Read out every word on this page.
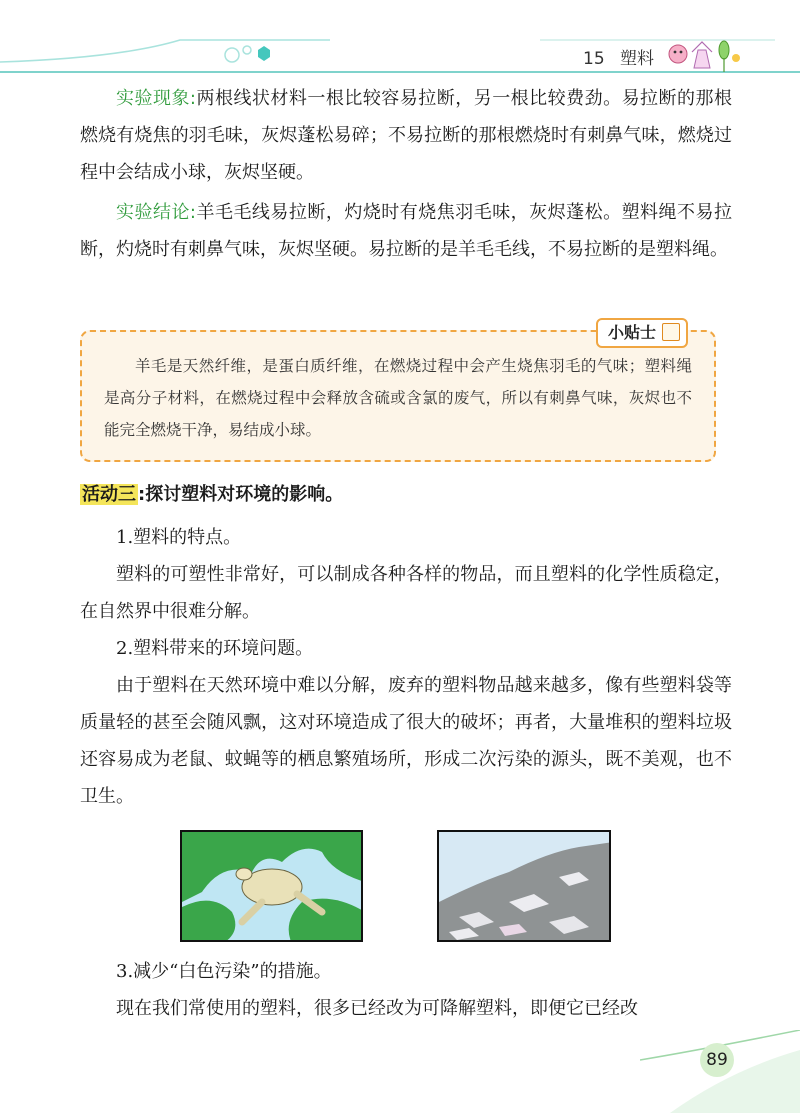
15 塑料

实验现象:两根线状材料一根比较容易拉断，另一根比较费劲。易拉断的那根燃烧有烧焦的羽毛味，灰烬蓬松易碎；不易拉断的那根燃烧时有刺鼻气味，燃烧过程中会结成小球，灰烬坚硬。

实验结论:羊毛毛线易拉断，灼烧时有烧焦羽毛味，灰烬蓬松。塑料绳不易拉断，灼烧时有刺鼻气味，灰烬坚硬。易拉断的是羊毛毛线，不易拉断的是塑料绳。

小贴士

羊毛是天然纤维，是蛋白质纤维，在燃烧过程中会产生烧焦羽毛的气味；塑料绳是高分子材料，在燃烧过程中会释放含硫或含氯的废气，所以有刺鼻气味，灰烬也不能完全燃烧干净，易结成小球。

活动三 :探讨塑料对环境的影响。

1.塑料的特点。

塑料的可塑性非常好，可以制成各种各样的物品，而且塑料的化学性质稳定，在自然界中很难分解。

2.塑料带来的环境问题。

由于塑料在天然环境中难以分解，废弃的塑料物品越来越多，像有些塑料袋等质量轻的甚至会随风飘，这对环境造成了很大的破坏；再者，大量堆积的塑料垃圾还容易成为老鼠、蚊蝇等的栖息繁殖场所，形成二次污染的源头，既不美观，也不卫生。

3.减少“白色污染”的措施。

现在我们常使用的塑料，很多已经改为可降解塑料，即便它已经改

89
